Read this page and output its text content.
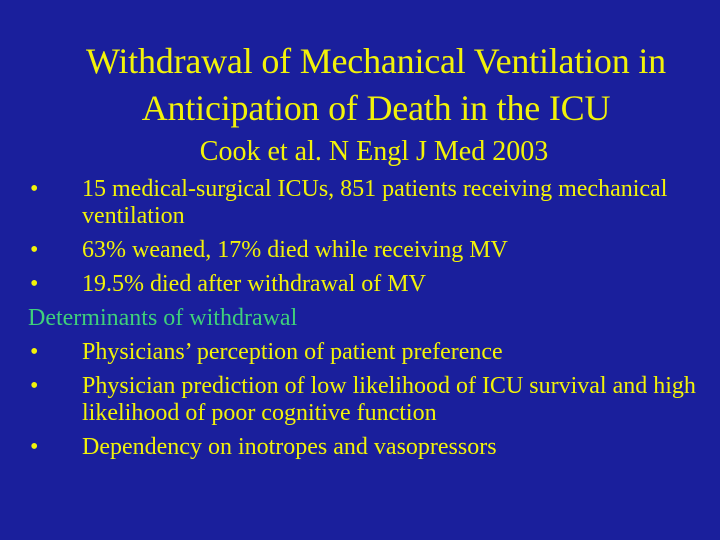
Withdrawal of Mechanical Ventilation in
Anticipation of Death in the ICU
Cook et al. N Engl J Med 2003
• 15 medical-surgical ICUs, 851 patients receiving mechanical ventilation
• 63% weaned, 17% died while receiving MV
• 19.5% died after withdrawal of MV
Determinants of withdrawal
• Physicians’ perception of patient preference
• Physician prediction of low likelihood of ICU survival and high likelihood of poor cognitive function
• Dependency on inotropes and vasopressors
